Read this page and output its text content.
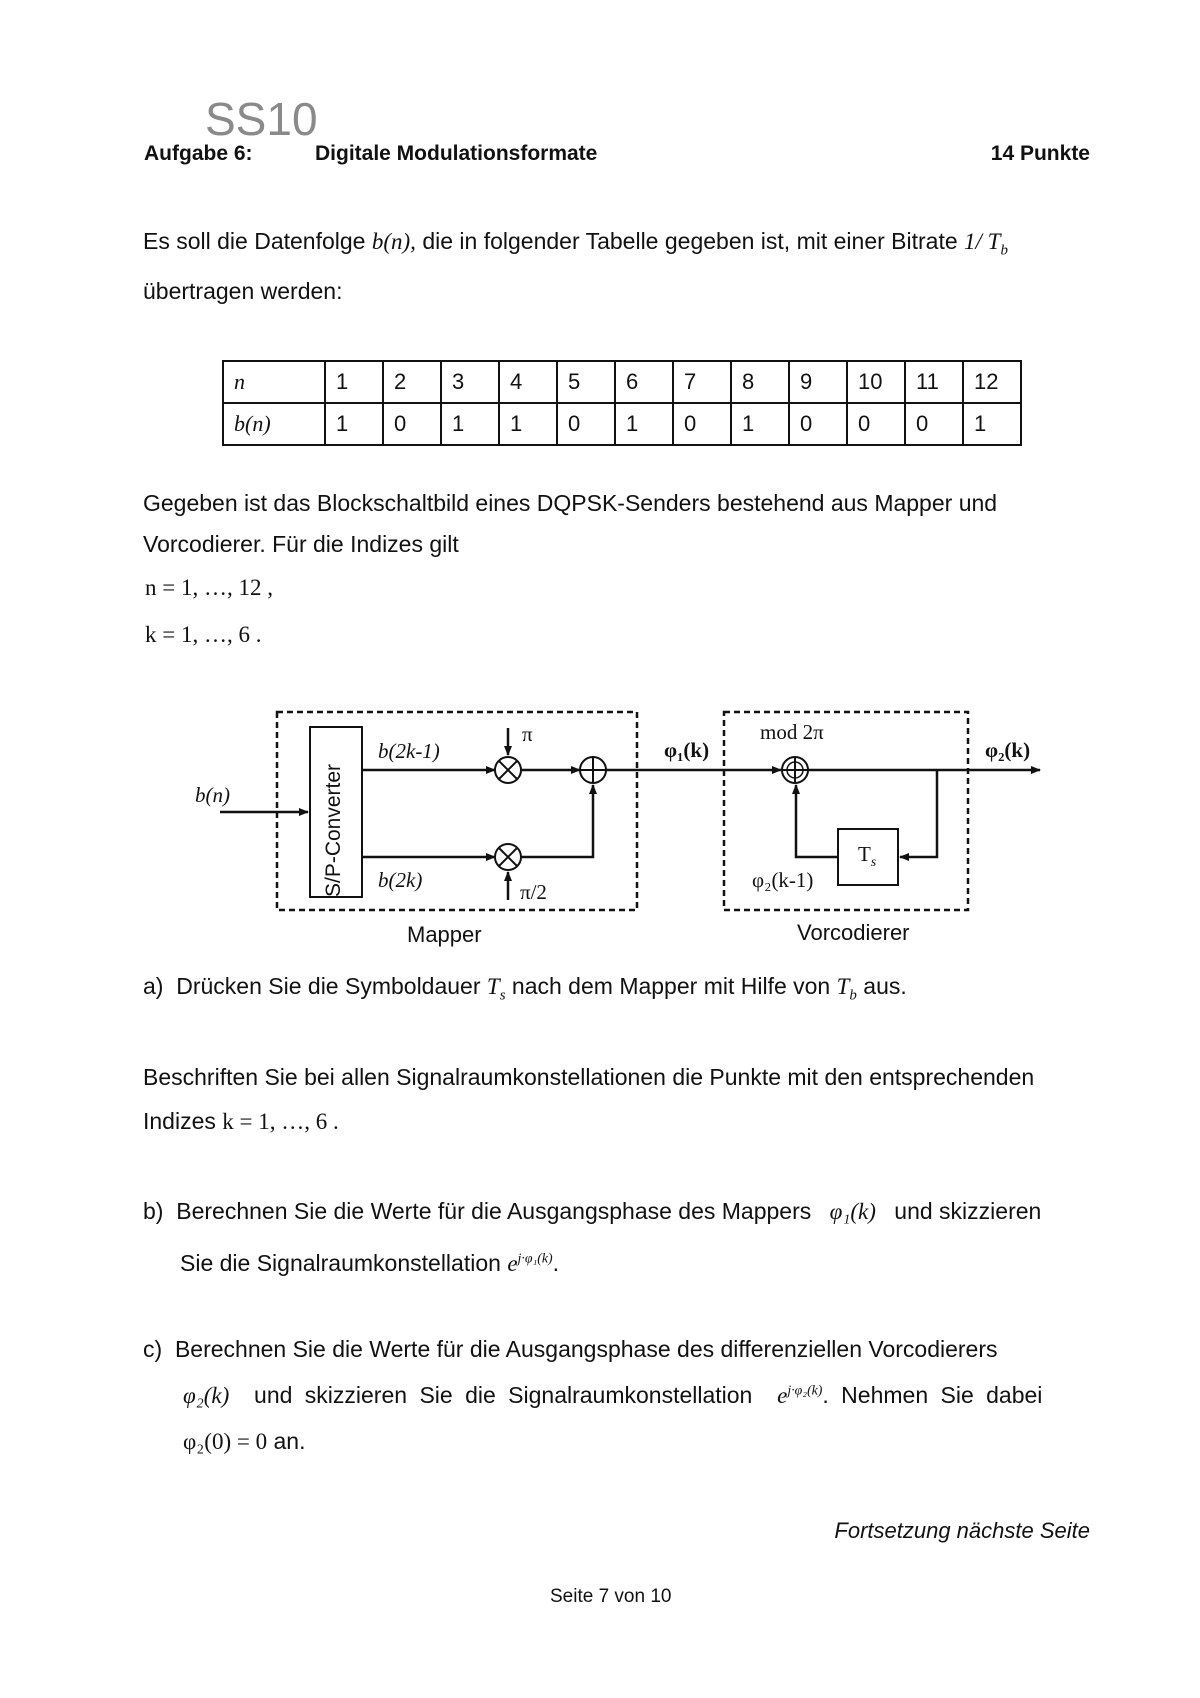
SS10
Aufgabe 6:	Digitale Modulationsformate	14 Punkte
Es soll die Datenfolge b(n), die in folgender Tabelle gegeben ist, mit einer Bitrate 1/ $T_b$
übertragen werden:
n	1	2	3	4	5	6	7	8	9	10	11	12
b(n)	1	0	1	1	0	1	0	1	0	0	0	1
Gegeben ist das Blockschaltbild eines DQPSK-Senders bestehend aus Mapper und
Vorcodierer. Für die Indizes gilt
n = 1, …, 12 ,
k = 1, …, 6 .
b(n)	S/P-Converter
b(2k-1)
b(2k)
π
π/2
φ₁(k)
mod 2π
φ₂(k)
$T_s$
φ₂(k-1)
Mapper	Vorcodierer
a) Drücken Sie die Symboldauer $T_s$ nach dem Mapper mit Hilfe von $T_b$ aus.
Beschriften Sie bei allen Signalraumkonstellationen die Punkte mit den entsprechenden
Indizes k = 1, …, 6 .
b) Berechnen Sie die Werte für die Ausgangsphase des Mappers φ₁(k) und skizzieren
Sie die Signalraumkonstellation $e^{j\cdot\varphi_1(k)}$.
c) Berechnen Sie die Werte für die Ausgangsphase des differenziellen Vorcodierers
φ₂(k) und skizzieren Sie die Signalraumkonstellation $e^{j\cdot\varphi_2(k)}$. Nehmen Sie dabei
φ₂(0) = 0 an.
Fortsetzung nächste Seite
Seite 7 von 10
